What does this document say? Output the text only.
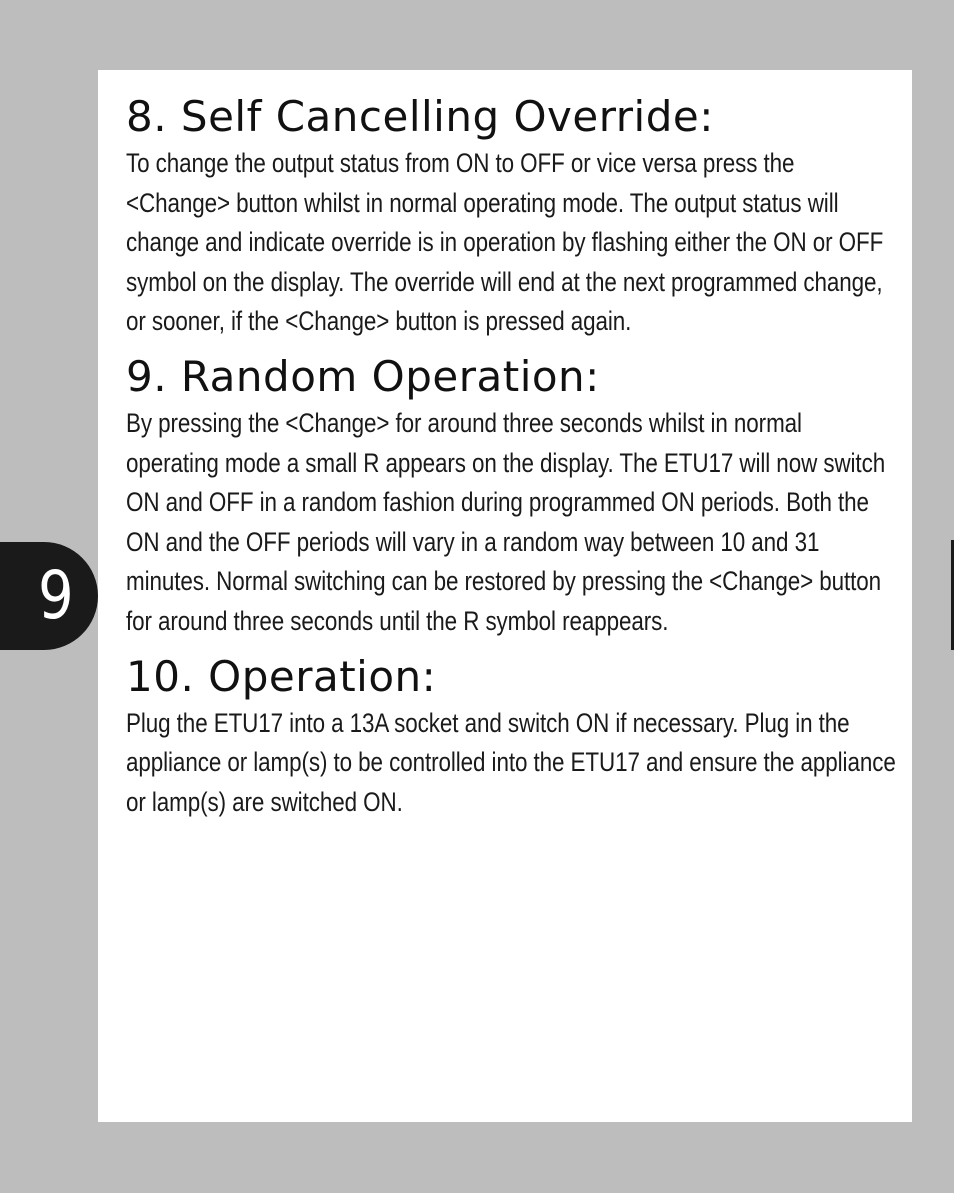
8. Self Cancelling Override:

To change the output status from ON to OFF or vice versa press the <Change> button whilst in normal operating mode. The output status will change and indicate override is in operation by flashing either the ON or OFF symbol on the display. The override will end at the next programmed change, or sooner, if the <Change> button is pressed again.

9. Random Operation:

By pressing the <Change> for around three seconds whilst in normal operating mode a small R appears on the display. The ETU17 will now switch ON and OFF in a random fashion during programmed ON periods. Both the ON and the OFF periods will vary in a random way between 10 and 31 minutes. Normal switching can be restored by pressing the <Change> button for around three seconds until the R symbol reappears.

10. Operation:

Plug the ETU17 into a 13A socket and switch ON if necessary. Plug in the appliance or lamp(s) to be controlled into the ETU17 and ensure the appliance or lamp(s) are switched ON.

9
